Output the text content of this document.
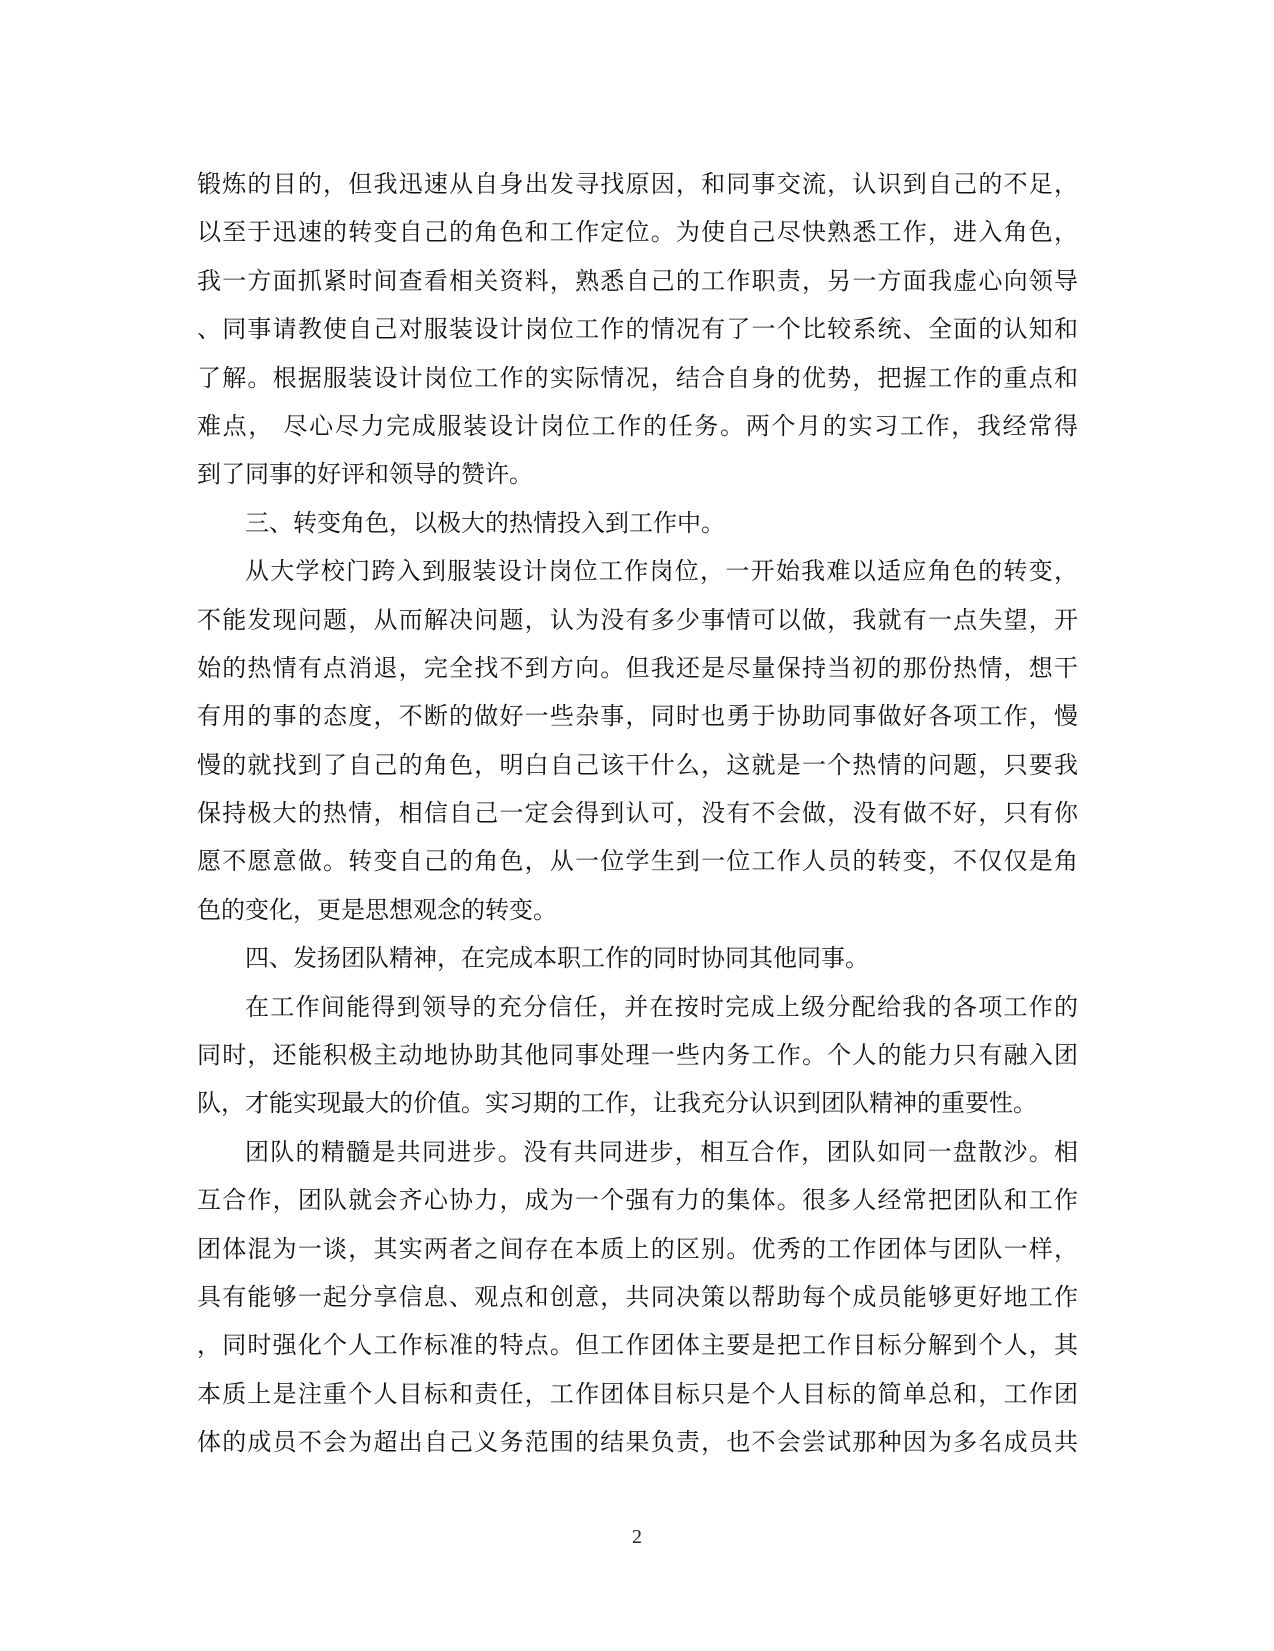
锻炼的目的，但我迅速从自身出发寻找原因，和同事交流，认识到自己的不足，
以至于迅速的转变自己的角色和工作定位。为使自己尽快熟悉工作，进入角色，
我一方面抓紧时间查看相关资料，熟悉自己的工作职责，另一方面我虚心向领导
、同事请教使自己对服装设计岗位工作的情况有了一个比较系统、全面的认知和
了解。根据服装设计岗位工作的实际情况，结合自身的优势，把握工作的重点和
难点， 尽心尽力完成服装设计岗位工作的任务。两个月的实习工作，我经常得
到了同事的好评和领导的赞许。
三、转变角色，以极大的热情投入到工作中。
从大学校门跨入到服装设计岗位工作岗位，一开始我难以适应角色的转变，
不能发现问题，从而解决问题，认为没有多少事情可以做，我就有一点失望，开
始的热情有点消退，完全找不到方向。但我还是尽量保持当初的那份热情，想干
有用的事的态度，不断的做好一些杂事，同时也勇于协助同事做好各项工作，慢
慢的就找到了自己的角色，明白自己该干什么，这就是一个热情的问题，只要我
保持极大的热情，相信自己一定会得到认可，没有不会做，没有做不好，只有你
愿不愿意做。转变自己的角色，从一位学生到一位工作人员的转变，不仅仅是角
色的变化，更是思想观念的转变。
四、发扬团队精神，在完成本职工作的同时协同其他同事。
在工作间能得到领导的充分信任，并在按时完成上级分配给我的各项工作的
同时，还能积极主动地协助其他同事处理一些内务工作。个人的能力只有融入团
队，才能实现最大的价值。实习期的工作，让我充分认识到团队精神的重要性。
团队的精髓是共同进步。没有共同进步，相互合作，团队如同一盘散沙。相
互合作，团队就会齐心协力，成为一个强有力的集体。很多人经常把团队和工作
团体混为一谈，其实两者之间存在本质上的区别。优秀的工作团体与团队一样，
具有能够一起分享信息、观点和创意，共同决策以帮助每个成员能够更好地工作
，同时强化个人工作标准的特点。但工作团体主要是把工作目标分解到个人，其
本质上是注重个人目标和责任，工作团体目标只是个人目标的简单总和，工作团
体的成员不会为超出自己义务范围的结果负责，也不会尝试那种因为多名成员共
2
